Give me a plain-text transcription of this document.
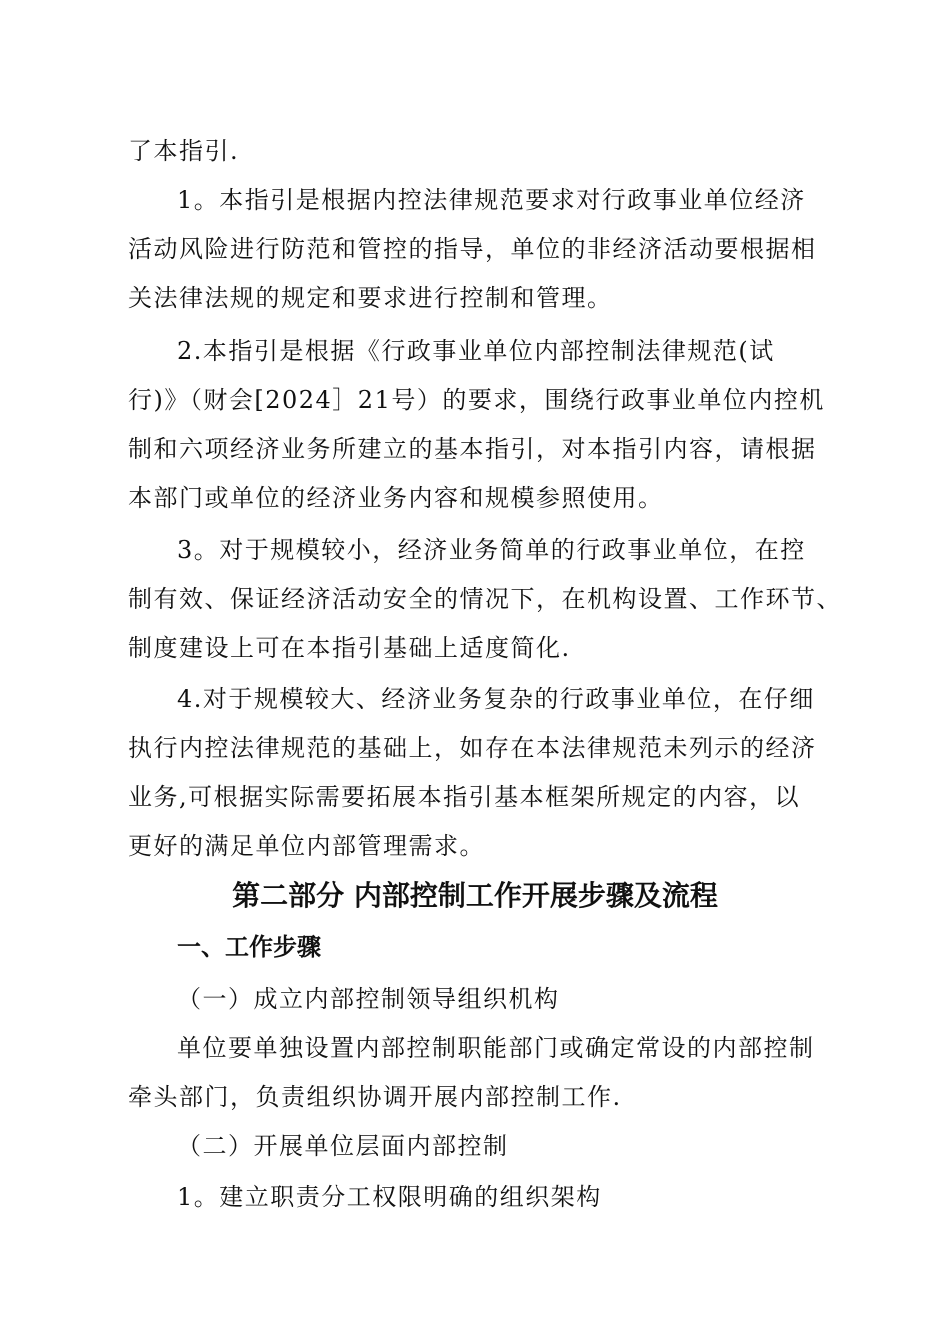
了本指引.
1。本指引是根据内控法律规范要求对行政事业单位经济
活动风险进行防范和管控的指导，单位的非经济活动要根据相
关法律法规的规定和要求进行控制和管理。
2.本指引是根据《行政事业单位内部控制法律规范(试
行)》（财会[2024］21号）的要求，围绕行政事业单位内控机
制和六项经济业务所建立的基本指引，对本指引内容，请根据
本部门或单位的经济业务内容和规模参照使用。
3。对于规模较小，经济业务简单的行政事业单位，在控
制有效、保证经济活动安全的情况下，在机构设置、工作环节、
制度建设上可在本指引基础上适度简化.
4.对于规模较大、经济业务复杂的行政事业单位，在仔细
执行内控法律规范的基础上，如存在本法律规范未列示的经济
业务,可根据实际需要拓展本指引基本框架所规定的内容，以
更好的满足单位内部管理需求。
第二部分 内部控制工作开展步骤及流程
一、工作步骤
（一）成立内部控制领导组织机构
单位要单独设置内部控制职能部门或确定常设的内部控制
牵头部门，负责组织协调开展内部控制工作.
（二）开展单位层面内部控制
1。建立职责分工权限明确的组织架构
